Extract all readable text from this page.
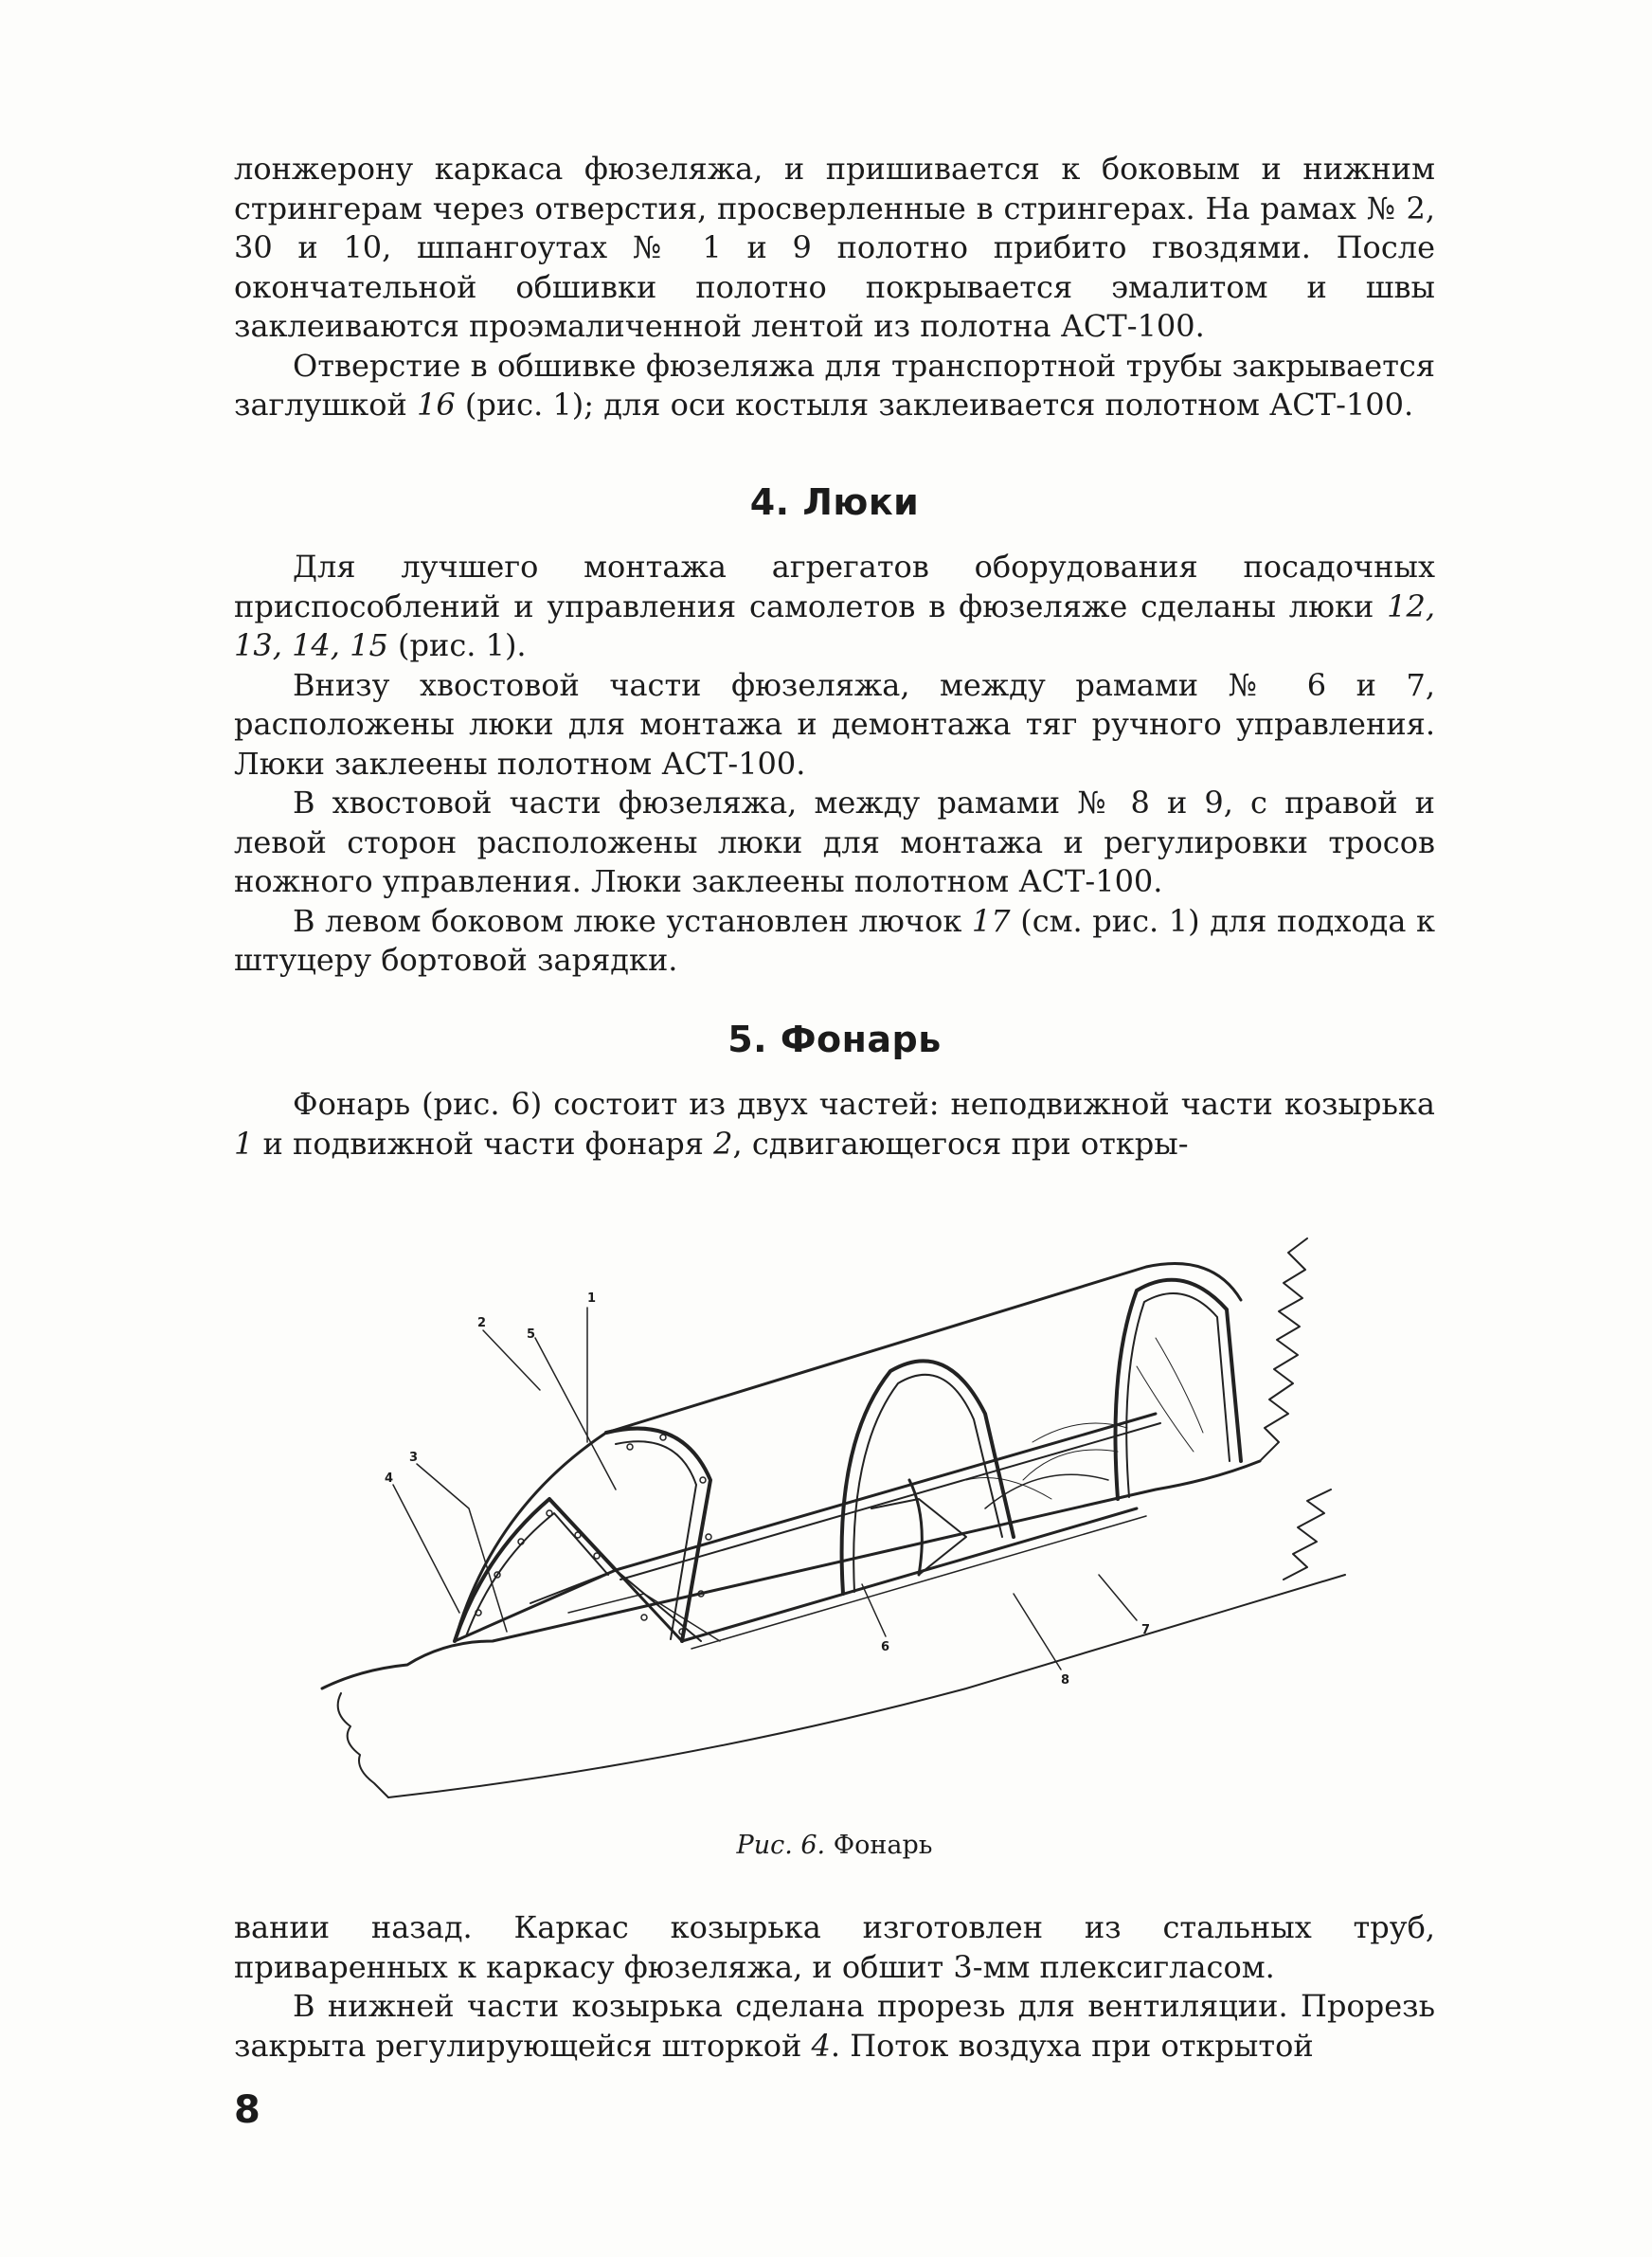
лонжерону каркаса фюзеляжа, и пришивается к боковым и нижним стрингерам через отверстия, просверленные в стрингерах. На рамах № 2, 30 и 10, шпангоутах № 1 и 9 полотно прибито гвоздями. После окончательной обшивки полотно покрывается эмалитом и швы заклеиваются проэмаличенной лентой из полотна АСТ-100.

Отверстие в обшивке фюзеляжа для транспортной трубы закрывается заглушкой 16 (рис. 1); для оси костыля заклеивается полотном АСТ-100.

4. Люки

Для лучшего монтажа агрегатов оборудования посадочных приспособлений и управления самолетов в фюзеляже сделаны люки 12, 13, 14, 15 (рис. 1).

Внизу хвостовой части фюзеляжа, между рамами № 6 и 7, расположены люки для монтажа и демонтажа тяг ручного управления. Люки заклеены полотном АСТ-100.

В хвостовой части фюзеляжа, между рамами № 8 и 9, с правой и левой сторон расположены люки для монтажа и регулировки тросов ножного управления. Люки заклеены полотном АСТ-100.

В левом боковом люке установлен лючок 17 (см. рис. 1) для подхода к штуцеру бортовой зарядки.

5. Фонарь

Фонарь (рис. 6) состоит из двух частей: неподвижной части козырька 1 и подвижной части фонаря 2, сдвигающегося при откры-

1
2
3
4
5
6
7
8
Рис. 6. Фонарь

вании назад. Каркас козырька изготовлен из стальных труб, приваренных к каркасу фюзеляжа, и обшит 3-мм плексигласом.

В нижней части козырька сделана прорезь для вентиляции. Прорезь закрыта регулирующейся шторкой 4. Поток воздуха при открытой

8
